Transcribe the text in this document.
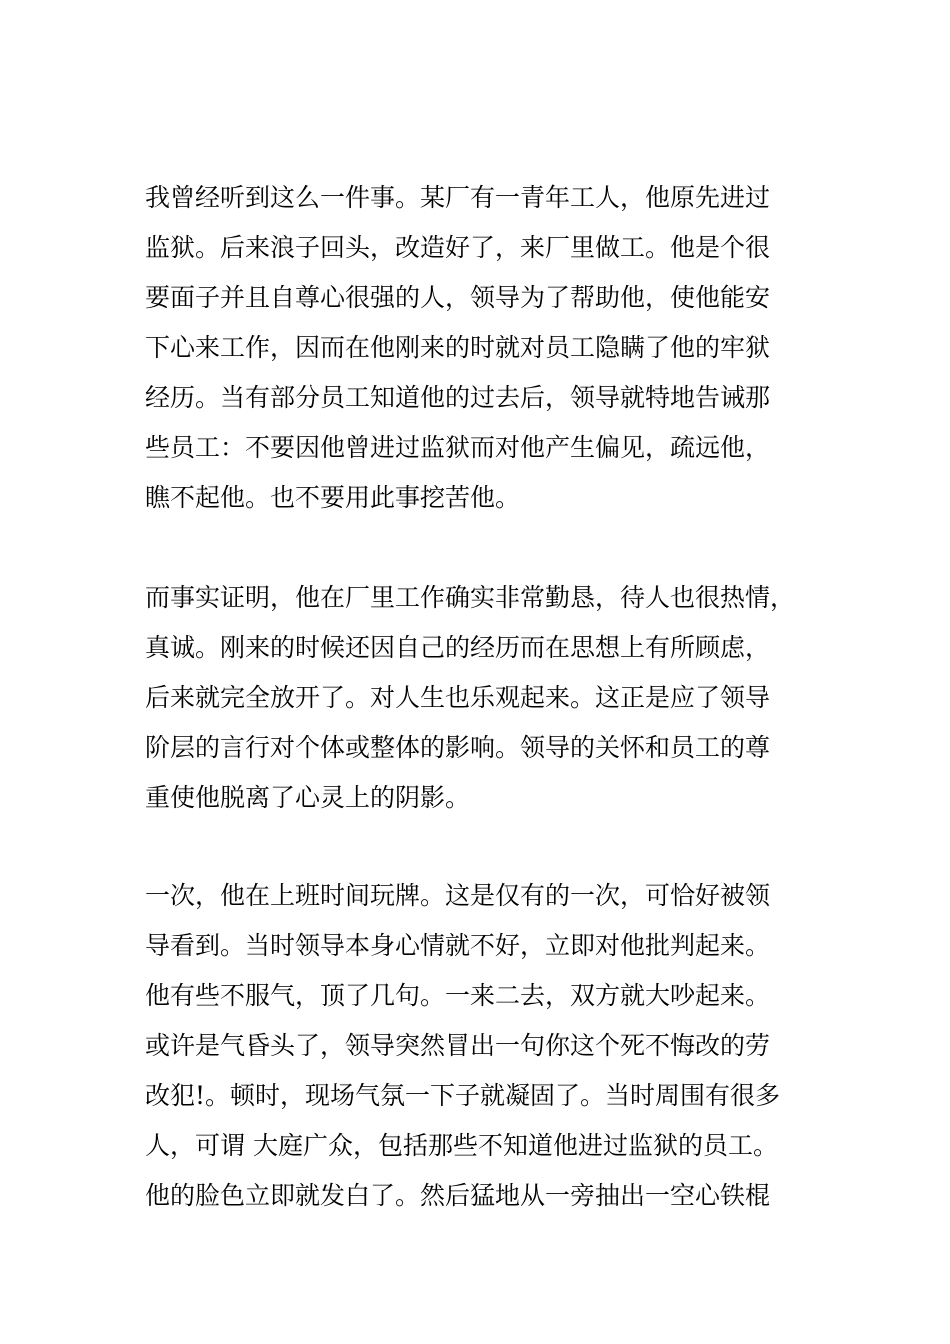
我曾经听到这么一件事。某厂有一青年工人，他原先进过
监狱。后来浪子回头，改造好了，来厂里做工。他是个很
要面子并且自尊心很强的人，领导为了帮助他，使他能安
下心来工作，因而在他刚来的时就对员工隐瞒了他的牢狱
经历。当有部分员工知道他的过去后，领导就特地告诫那
些员工：不要因他曾进过监狱而对他产生偏见，疏远他，
瞧不起他。也不要用此事挖苦他。
而事实证明，他在厂里工作确实非常勤恳，待人也很热情，
真诚。刚来的时候还因自己的经历而在思想上有所顾虑，
后来就完全放开了。对人生也乐观起来。这正是应了领导
阶层的言行对个体或整体的影响。领导的关怀和员工的尊
重使他脱离了心灵上的阴影。
一次，他在上班时间玩牌。这是仅有的一次，可恰好被领
导看到。当时领导本身心情就不好，立即对他批判起来。
他有些不服气，顶了几句。一来二去，双方就大吵起来。
或许是气昏头了，领导突然冒出一句你这个死不悔改的劳
改犯!。顿时，现场气氛一下子就凝固了。当时周围有很多
人，可谓 大庭广众，包括那些不知道他进过监狱的员工。
他的脸色立即就发白了。然后猛地从一旁抽出一空心铁棍
